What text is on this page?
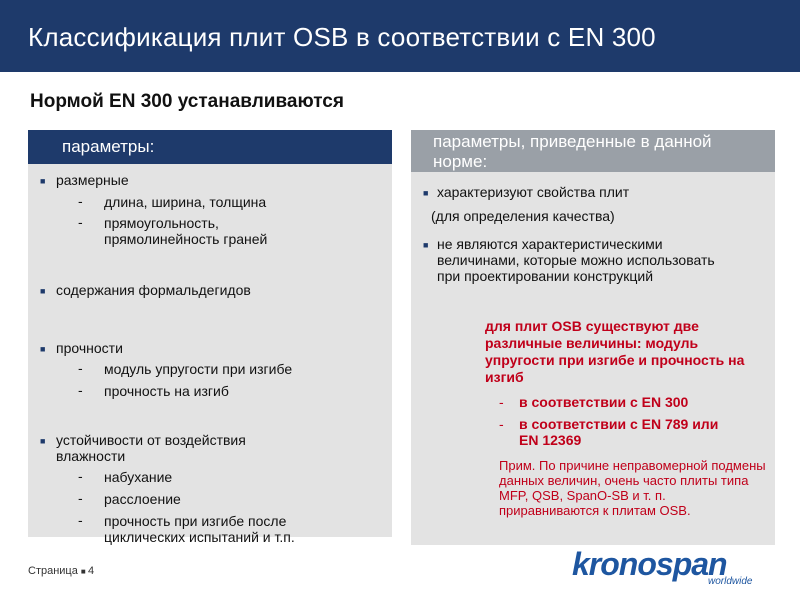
Классификация плит OSB в соответствии с EN 300
Нормой EN 300 устанавливаются
параметры:
■ размерные
- длина, ширина, толщина
- прямоугольность, прямолинейность граней
■ содержания формальдегидов
■ прочности
- модуль упругости при изгибе
- прочность на изгиб
■ устойчивости от воздействия влажности
- набухание
- расслоение
- прочность при изгибе после циклических испытаний и т.п.
параметры, приведенные в данной норме:
■ характеризуют свойства плит
(для определения качества)
■ не являются характеристическими величинами, которые можно использовать при проектировании конструкций
для плит OSB существуют две различные величины: модуль упругости при изгибе и прочность на изгиб
- в соответствии с EN 300
- в соответствии с EN 789 или EN 12369
Прим. По причине неправомерной подмены данных величин, очень часто плиты типа MFP, QSB, SpanO-SB и т. п. приравниваются к плитам OSB.
Страница ■ 4	kronospan
worldwide
